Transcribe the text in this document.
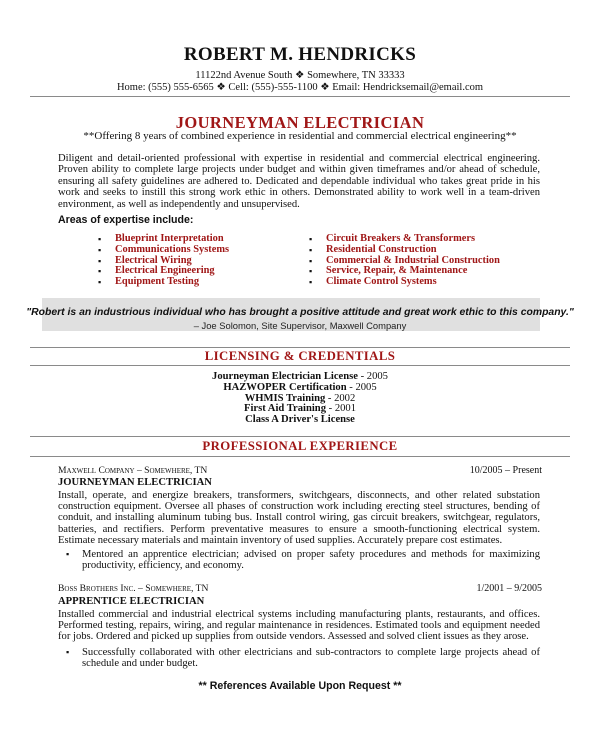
ROBERT M. HENDRICKS
11122nd Avenue South ❖ Somewhere, TN 33333
Home: (555) 555-6565 ❖ Cell: (555)-555-1100 ❖ Email: Hendricksemail@email.com
JOURNEYMAN ELECTRICIAN
**Offering 8 years of combined experience in residential and commercial electrical engineering**
Diligent and detail-oriented professional with expertise in residential and commercial electrical engineering. Proven ability to complete large projects under budget and within given timeframes and/or ahead of schedule, ensuring all safety guidelines are adhered to. Dedicated and dependable individual who takes great pride in his work and seeks to instill this strong work ethic in others. Demonstrated ability to work well in a team-driven environment, as well as independently and unsupervised.
Areas of expertise include:
▪ Blueprint Interpretation
▪ Communications Systems
▪ Electrical Wiring
▪ Electrical Engineering
▪ Equipment Testing
▪ Circuit Breakers & Transformers
▪ Residential Construction
▪ Commercial & Industrial Construction
▪ Service, Repair, & Maintenance
▪ Climate Control Systems
"Robert is an industrious individual who has brought a positive attitude and great work ethic to this company."
– Joe Solomon, Site Supervisor, Maxwell Company
LICENSING & CREDENTIALS
Journeyman Electrician License - 2005
HAZWOPER Certification - 2005
WHMIS Training - 2002
First Aid Training - 2001
Class A Driver's License
PROFESSIONAL EXPERIENCE
Maxwell Company – Somewhere, TN	10/2005 – Present
JOURNEYMAN ELECTRICIAN
Install, operate, and energize breakers, transformers, switchgears, disconnects, and other related substation construction equipment. Oversee all phases of construction work including erecting steel structures, bending of conduit, and installing aluminum tubing bus. Install control wiring, gas circuit breakers, switchgear, regulators, batteries, and rectifiers. Perform preventative measures to ensure a smooth-functioning electrical system. Estimate necessary materials and maintain inventory of used supplies. Accurately prepare cost estimates.
▪ Mentored an apprentice electrician; advised on proper safety procedures and methods for maximizing productivity, efficiency, and economy.
Boss Brothers Inc. – Somewhere, TN	1/2001 – 9/2005
APPRENTICE ELECTRICIAN
Installed commercial and industrial electrical systems including manufacturing plants, restaurants, and offices. Performed testing, repairs, wiring, and regular maintenance in residences. Estimated tools and equipment needed for jobs. Ordered and picked up supplies from outside vendors. Assessed and solved client issues as they arose.
▪ Successfully collaborated with other electricians and sub-contractors to complete large projects ahead of schedule and under budget.
** References Available Upon Request **
